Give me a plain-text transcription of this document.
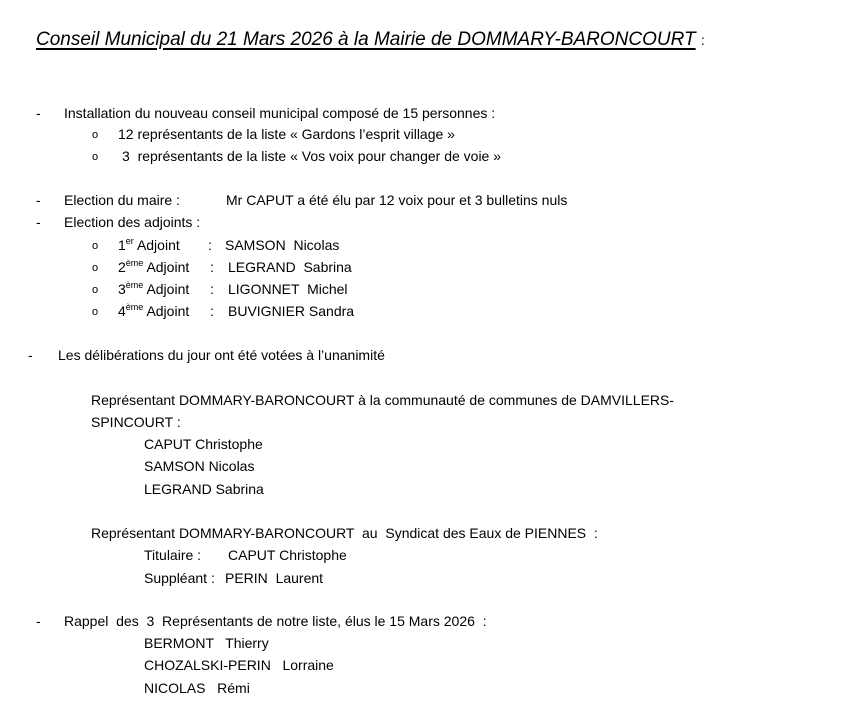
Conseil Municipal du 21 Mars 2026 à la Mairie de DOMMARY-BARONCOURT :
- Installation du nouveau conseil municipal composé de 15 personnes :
o 12 représentants de la liste « Gardons l’esprit village »
o 3  représentants de la liste « Vos voix pour changer de voie »
- Election du maire :	Mr CAPUT a été élu par 12 voix pour et 3 bulletins nuls
- Election des adjoints :
o 1er Adjoint : SAMSON  Nicolas
o 2ème Adjoint : LEGRAND  Sabrina
o 3ème Adjoint : LIGONNET  Michel
o 4ème Adjoint : BUVIGNIER Sandra
- Les délibérations du jour ont été votées à l’unanimité
Représentant DOMMARY-BARONCOURT à la communauté de communes de DAMVILLERS-
SPINCOURT :
CAPUT Christophe
SAMSON Nicolas
LEGRAND Sabrina
Représentant DOMMARY-BARONCOURT  au  Syndicat des Eaux de PIENNES  :
Titulaire : CAPUT Christophe
Suppléant : PERIN  Laurent
- Rappel  des  3  Représentants de notre liste, élus le 15 Mars 2026  :
BERMONT   Thierry
CHOZALSKI-PERIN   Lorraine
NICOLAS   Rémi
